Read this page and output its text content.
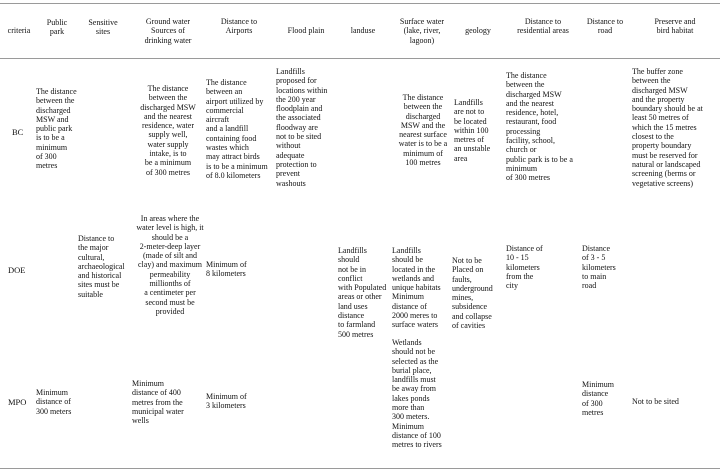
criteria
Public
park
Sensitive
sites
Ground water
Sources of
drinking water
Distance to
Airports	Flood plain	landuse
Surface water
(lake, river,
lagoon)
geology
Distance to
residential areas
Distance to
road
Preserve and
bird habitat
BC
The distance
between the
discharged
MSW and
public park
is to be a
minimum
of 300
metres
The distance
between the
discharged MSW
and the nearest
residence, water
supply well,
water supply
intake, is to
be a minimum
of 300 metres
The distance
between an
airport utilized by
commercial
aircraft
and a landfill
containing food
wastes which
may attract birds
is to be a minimum
of 8.0 kilometers
Landfills
proposed for
locations within
the 200 year
floodplain and
the associated
floodway are
not to be sited
without
adequate
protection to
prevent
washouts
The distance
between the
discharged
MSW and the
nearest surface
water is to be a
minimum of
100 metres
Landfills
are not to
be located
within 100
metres of
an unstable
area
The distance
between the
discharged MSW
and the nearest
residence, hotel,
restaurant, food
processing
facility, school,
church or
public park is to be a
minimum
of 300 metres
The buffer zone
between the
discharged MSW
and the property
boundary should be at
least 50 metres of
which the 15 metres
closest to the
property boundary
must be reserved for
natural or landscaped
screening (berms or
vegetative screens)
DOE
Distance to
the major
cultural,
archaeological
and historical
sites must be
suitable
In areas where the
water level is high, it
should be a
2-meter-deep layer
(made of silt and
clay) and maximum
permeability
millionths of
a centimeter per
second must be
provided
Minimum of
8 kilometers
Landfills
should
not be in
conflict
with Populated
areas or other
land uses
distance
to farmland
500 metres
Landfills
should be
located in the
wetlands and
unique habitats
Minimum
distance of
2000 meres to
surface waters
Not to be
Placed on
faults,
underground
mines,
subsidence
and collapse
of cavities
Distance of
10 - 15
kilometers
from the
city
Distance
of 3 - 5
kilometers
to main
road
MPO
Minimum
distance of
300 meters
Minimum
distance of 400
metres from the
municipal water
wells
Minimum of
3 kilometers
Wetlands
should not be
selected as the
burial place,
landfills must
be away from
lakes ponds
more than
300 meters.
Minimum
distance of 100
metres to rivers
Minimum
distance
of 300
metres
Not to be sited
